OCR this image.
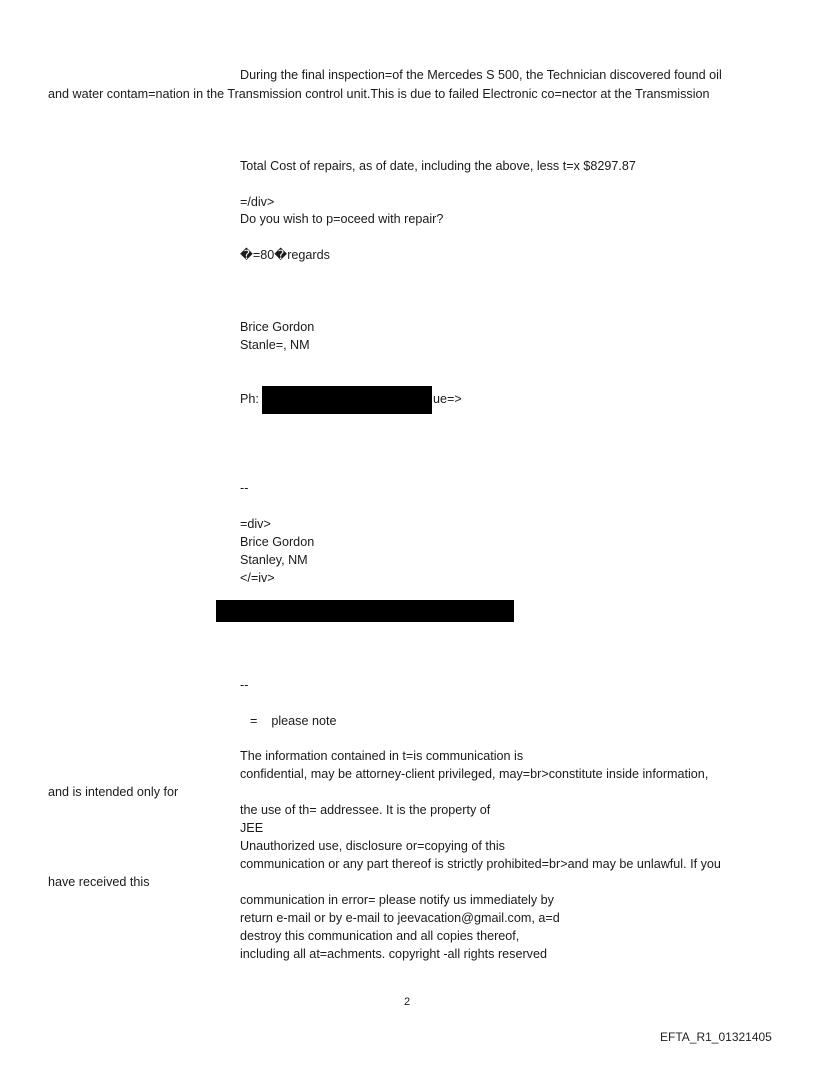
During the final inspection=of the Mercedes S 500, the Technician discovered found oil
and water contam=nation in the Transmission control unit.This is due to failed Electronic co=nector at the Transmission
Total Cost of repairs, as of date, including the above, less t=x $8297.87
=/div>
Do you wish to p=oceed with repair?
�=80�regards
Brice Gordon
Stanle=, NM
Ph:	ue=>
--
=div>
Brice Gordon
Stanley, NM
</=iv>
--
=    please note
The information contained in t=is communication is
confidential, may be attorney-client privileged, may=br>constitute inside information,
and is intended only for
the use of th= addressee. It is the property of
JEE
Unauthorized use, disclosure or=copying of this
communication or any part thereof is strictly prohibited=br>and may be unlawful. If you
have received this
communication in error= please notify us immediately by
return e-mail or by e-mail to jeevacation@gmail.com, a=d
destroy this communication and all copies thereof,
including all at=achments. copyright -all rights reserved
2
EFTA_R1_01321405
